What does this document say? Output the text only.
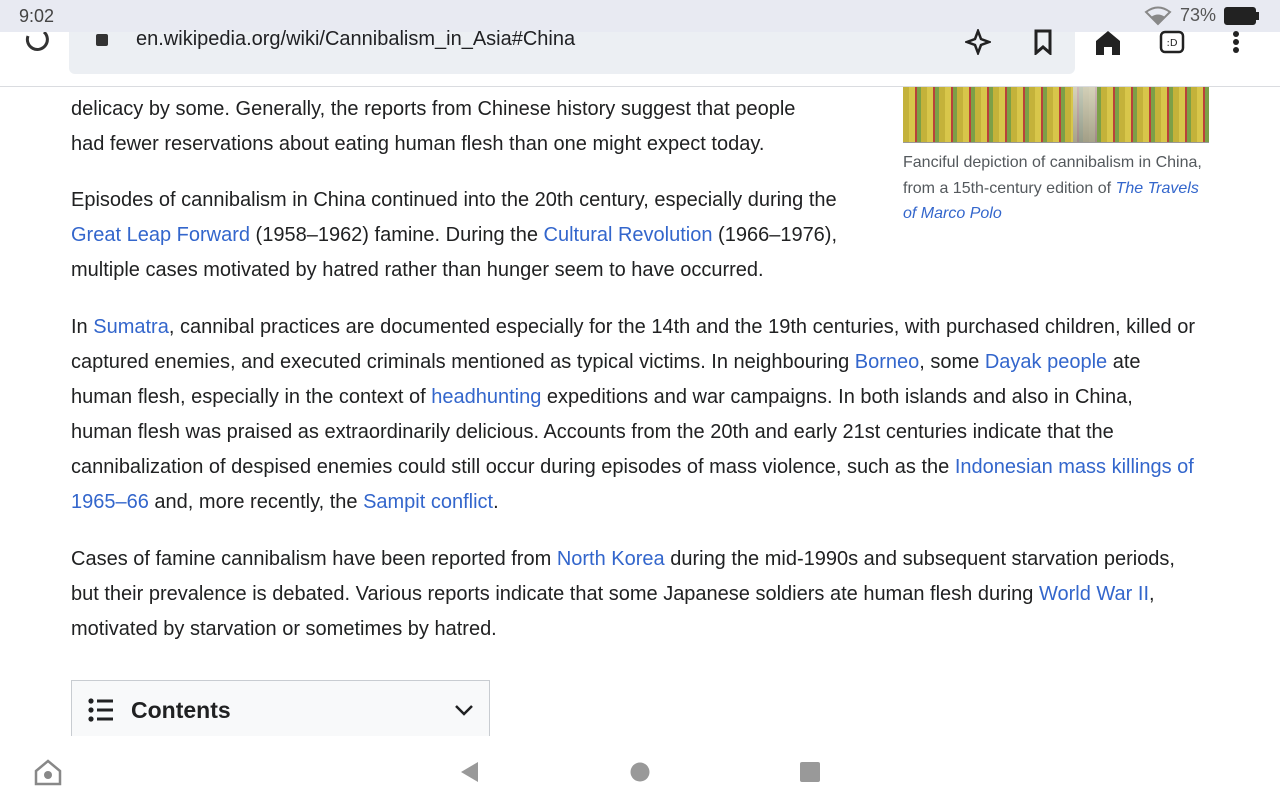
9:02	73%
en.wikipedia.org/wiki/Cannibalism_in_Asia#China	:D
Fanciful depiction of cannibalism in China, from a 15th-century edition of The Travels of Marco Polo

delicacy by some. Generally, the reports from Chinese history suggest that people
had fewer reservations about eating human flesh than one might expect today.

Episodes of cannibalism in China continued into the 20th century, especially during the Great Leap Forward (1958–1962) famine. During the Cultural Revolution (1966–1976), multiple cases motivated by hatred rather than hunger seem to have occurred.

In Sumatra, cannibal practices are documented especially for the 14th and the 19th centuries, with purchased children, killed or captured enemies, and executed criminals mentioned as typical victims. In neighbouring Borneo, some Dayak people ate human flesh, especially in the context of headhunting expeditions and war campaigns. In both islands and also in China, human flesh was praised as extraordinarily delicious. Accounts from the 20th and early 21st centuries indicate that the cannibalization of despised enemies could still occur during episodes of mass violence, such as the Indonesian mass killings of 1965–66 and, more recently, the Sampit conflict.

Cases of famine cannibalism have been reported from North Korea during the mid-1990s and subsequent starvation periods, but their prevalence is debated. Various reports indicate that some Japanese soldiers ate human flesh during World War II, motivated by starvation or sometimes by hatred.

Contents
